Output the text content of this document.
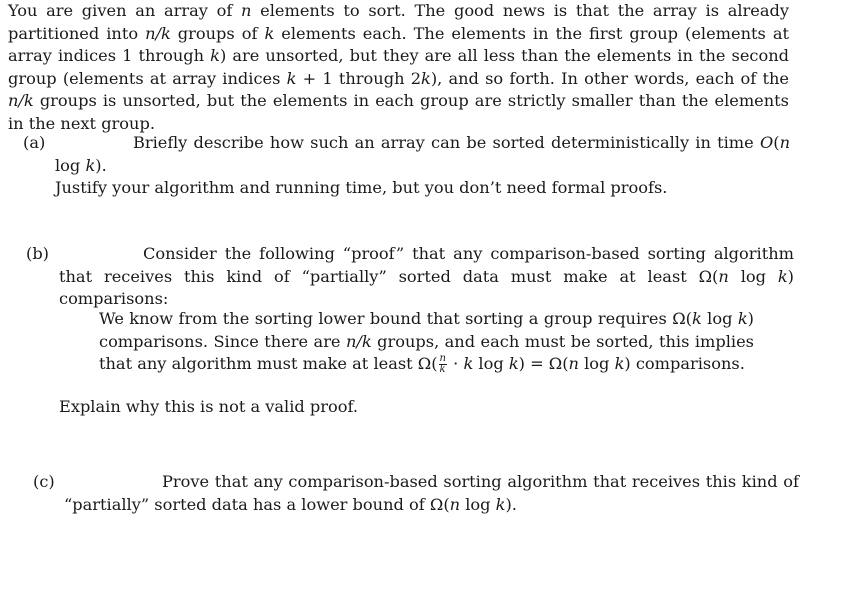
You are given an array of n elements to sort. The good news is that the array is already partitioned into n/k groups of k elements each. The elements in the first group (elements at array indices 1 through k) are unsorted, but they are all less than the elements in the second group (elements at array indices k + 1 through 2k), and so forth. In other words, each of the n/k groups is unsorted, but the elements in each group are strictly smaller than the elements in the next group.

(a)	Briefly describe how such an array can be sorted deterministically in time O(n log k).
Justify your algorithm and running time, but you don’t need formal proofs.

(b)	Consider the following “proof” that any comparison-based sorting algorithm that receives this kind of “partially” sorted data must make at least Ω(n log k) comparisons:

We know from the sorting lower bound that sorting a group requires Ω(k log k) comparisons. Since there are n/k groups, and each must be sorted, this implies that any algorithm must make at least $\Omega( \frac{n}{k} \cdot k$ log k) = Ω(n log k) comparisons.

Explain why this is not a valid proof.

(c)	Prove that any comparison-based sorting algorithm that receives this kind of “partially” sorted data has a lower bound of Ω(n log k).
